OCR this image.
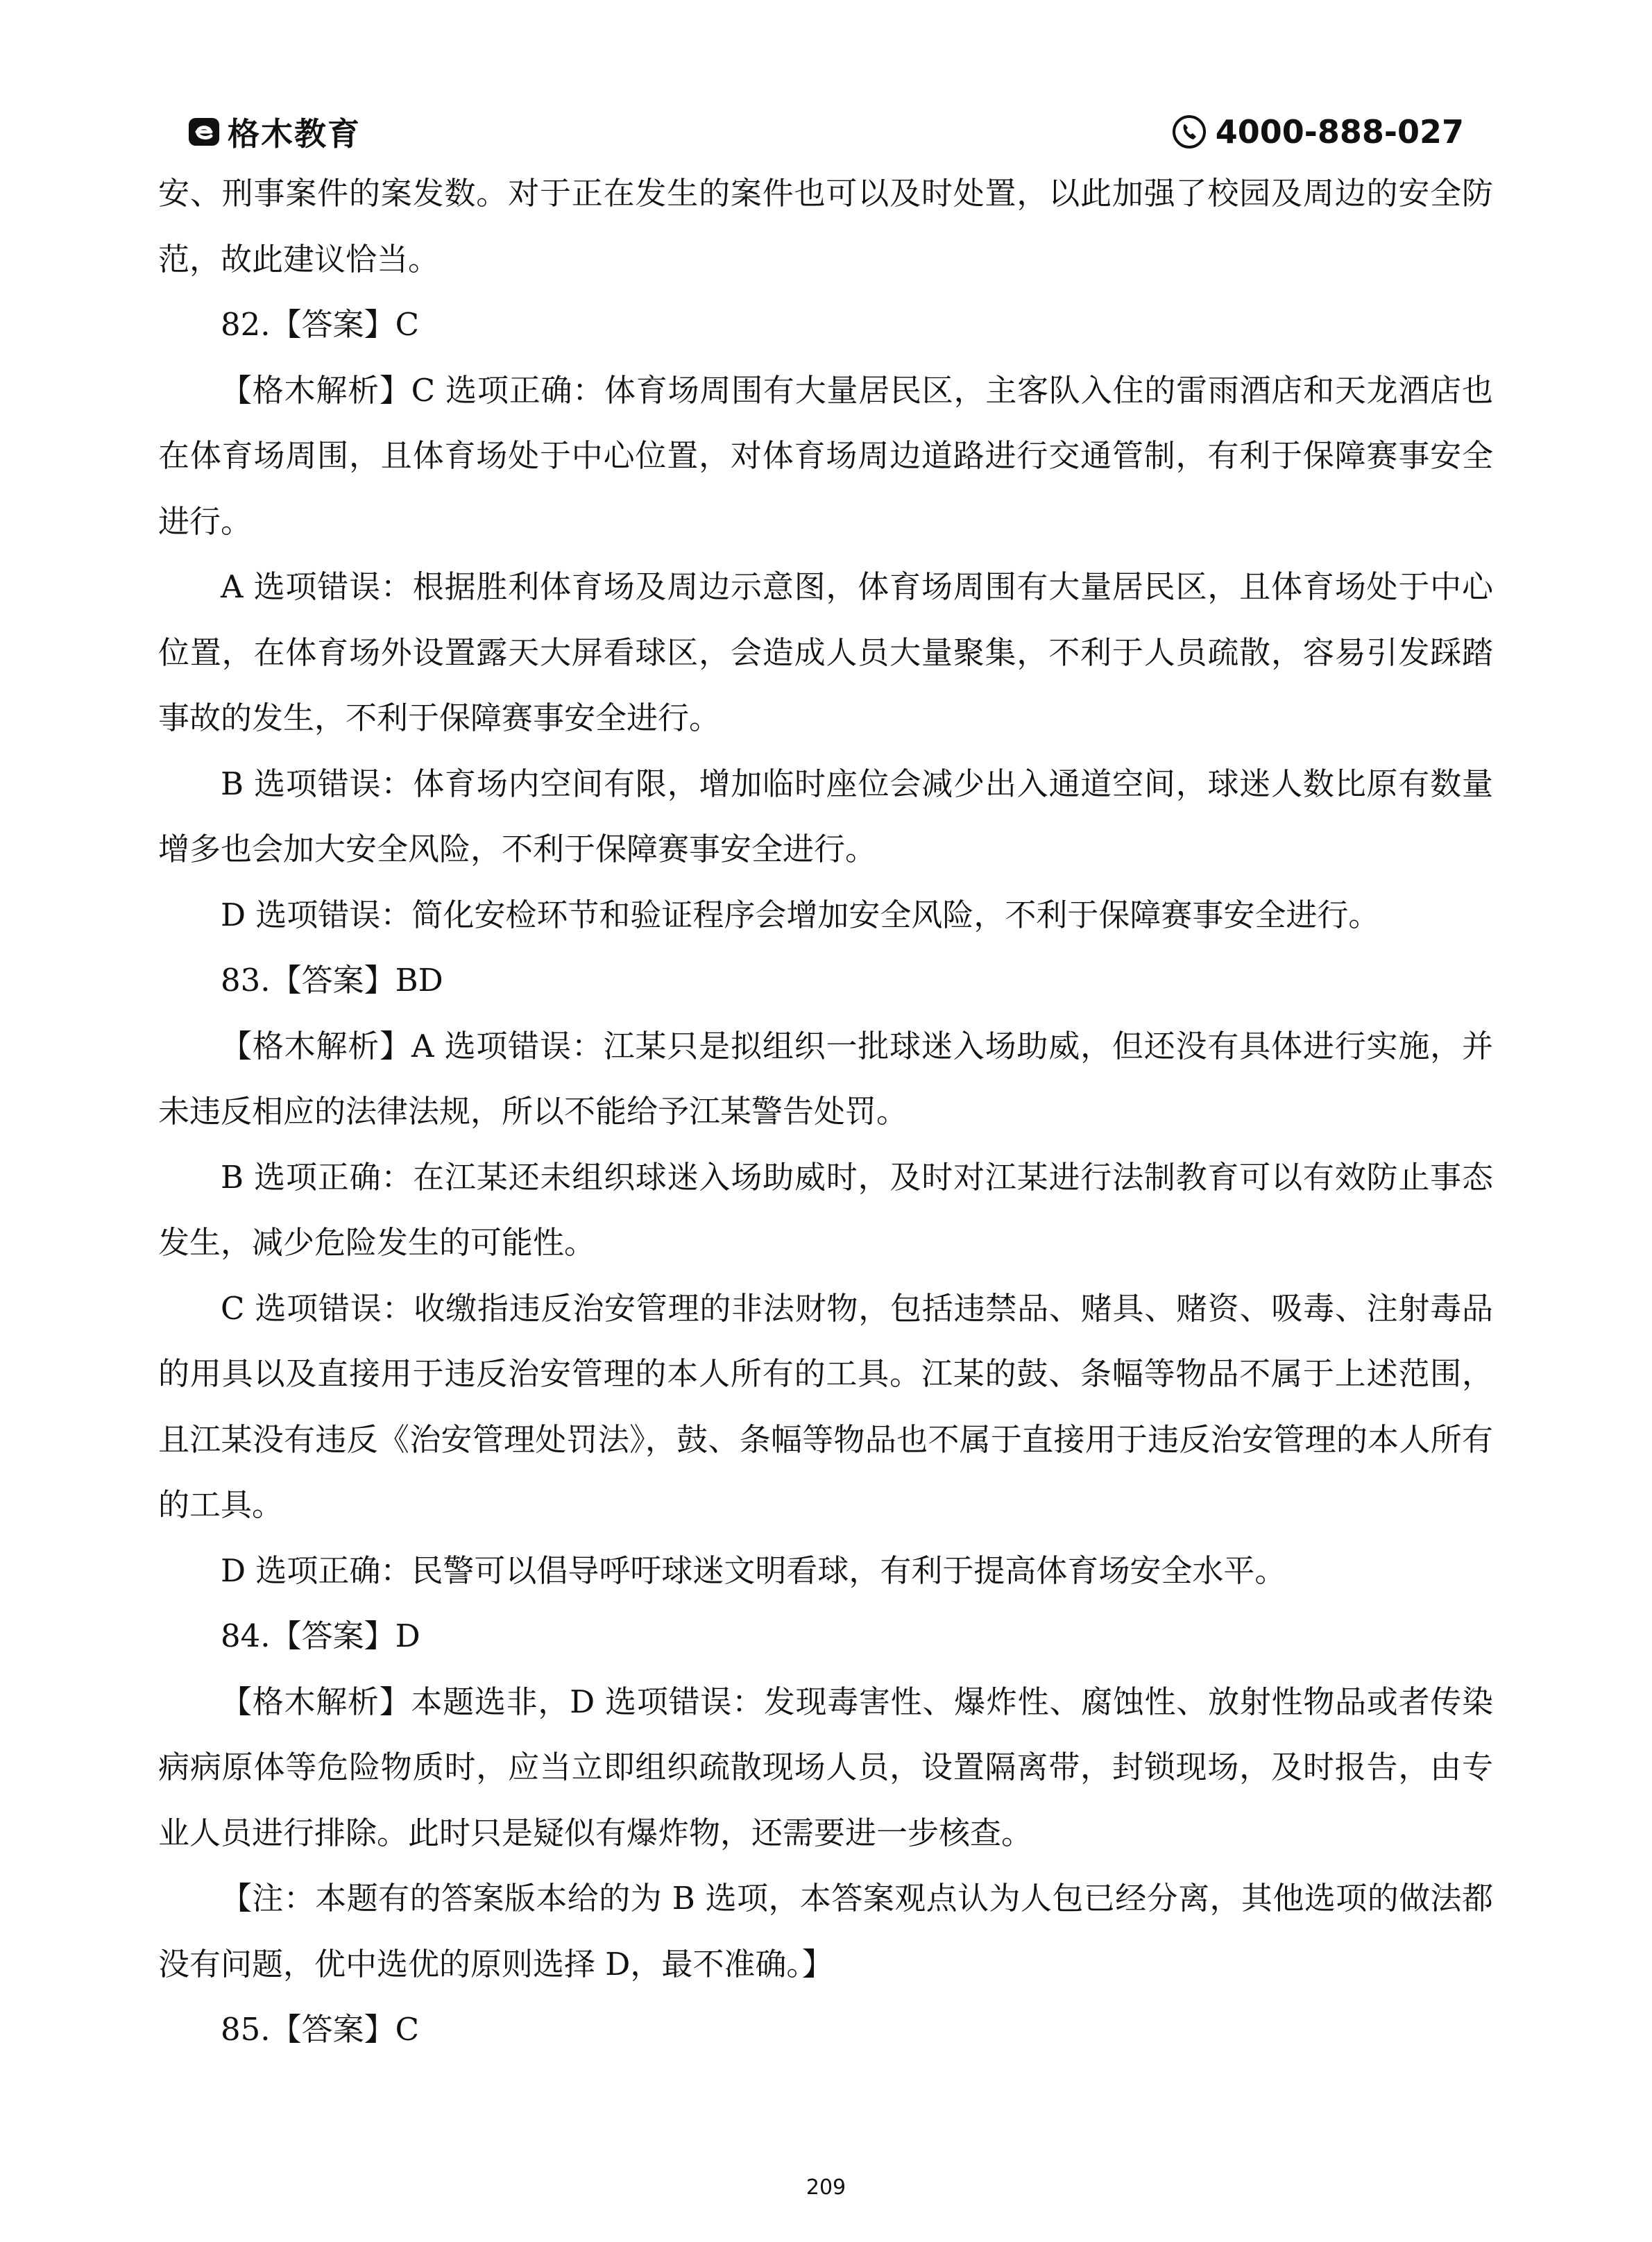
格木教育	4000-888-027

安、刑事案件的案发数。对于正在发生的案件也可以及时处置，以此加强了校园及周边的安全防范，故此建议恰当。

82.【答案】C

【格木解析】C 选项正确：体育场周围有大量居民区，主客队入住的雷雨酒店和天龙酒店也在体育场周围，且体育场处于中心位置，对体育场周边道路进行交通管制，有利于保障赛事安全进行。

A 选项错误：根据胜利体育场及周边示意图，体育场周围有大量居民区，且体育场处于中心位置，在体育场外设置露天大屏看球区，会造成人员大量聚集，不利于人员疏散，容易引发踩踏事故的发生，不利于保障赛事安全进行。

B 选项错误：体育场内空间有限，增加临时座位会减少出入通道空间，球迷人数比原有数量增多也会加大安全风险，不利于保障赛事安全进行。

D 选项错误：简化安检环节和验证程序会增加安全风险，不利于保障赛事安全进行。

83.【答案】BD

【格木解析】A 选项错误：江某只是拟组织一批球迷入场助威，但还没有具体进行实施，并未违反相应的法律法规，所以不能给予江某警告处罚。

B 选项正确：在江某还未组织球迷入场助威时，及时对江某进行法制教育可以有效防止事态发生，减少危险发生的可能性。

C 选项错误：收缴指违反治安管理的非法财物，包括违禁品、赌具、赌资、吸毒、注射毒品的用具以及直接用于违反治安管理的本人所有的工具。江某的鼓、条幅等物品不属于上述范围，且江某没有违反《治安管理处罚法》，鼓、条幅等物品也不属于直接用于违反治安管理的本人所有的工具。

D 选项正确：民警可以倡导呼吁球迷文明看球，有利于提高体育场安全水平。

84.【答案】D

【格木解析】本题选非，D 选项错误：发现毒害性、爆炸性、腐蚀性、放射性物品或者传染病病原体等危险物质时，应当立即组织疏散现场人员，设置隔离带，封锁现场，及时报告，由专业人员进行排除。此时只是疑似有爆炸物，还需要进一步核查。

【注：本题有的答案版本给的为 B 选项，本答案观点认为人包已经分离，其他选项的做法都没有问题，优中选优的原则选择 D，最不准确。】

85.【答案】C

209
